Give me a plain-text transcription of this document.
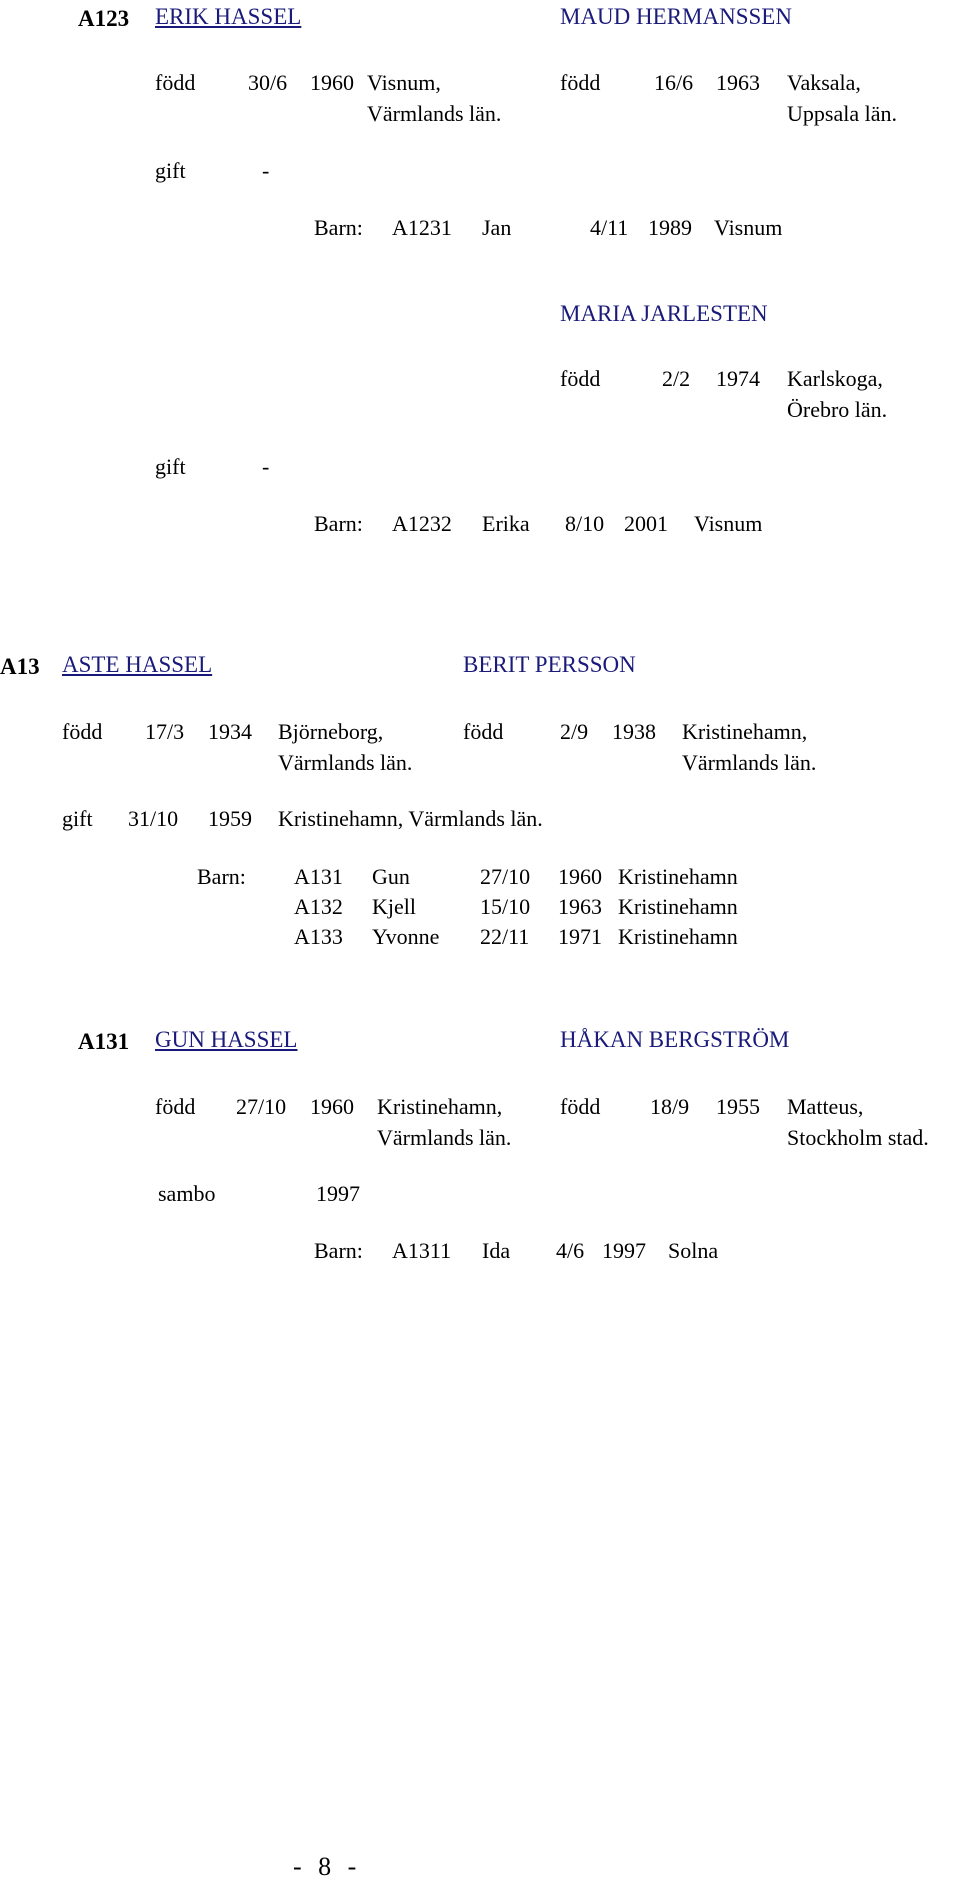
A123 ERIK HASSEL	MAUD HERMANSSEN
född 30/6 1960 Visnum,
Värmlands län.
född 16/6 1963 Vaksala,
Uppsala län.
gift	-
Barn: A1231 Jan	4/11 1989 Visnum
MARIA JARLESTEN
född	2/2 1974 Karlskoga,
Örebro län.
gift	-
Barn: A1232 Erika 8/10 2001 Visnum
A13 ASTE HASSEL	BERIT PERSSON
född 17/3 1934 Björneborg,
Värmlands län.
född	2/9 1938 Kristinehamn,
Värmlands län.
gift 31/10 1959 Kristinehamn, Värmlands län.
Barn: A131 Gun	27/10 1960 Kristinehamn
A132 Kjell	15/10 1963 Kristinehamn
A133 Yvonne 22/11 1971 Kristinehamn
A131 GUN HASSEL	HÅKAN BERGSTRÖM
född 27/10 1960 Kristinehamn,
Värmlands län.
född 18/9 1955 Matteus,
Stockholm stad.
sambo	1997
Barn: A1311 Ida 4/6 1997 Solna
- 8 -
